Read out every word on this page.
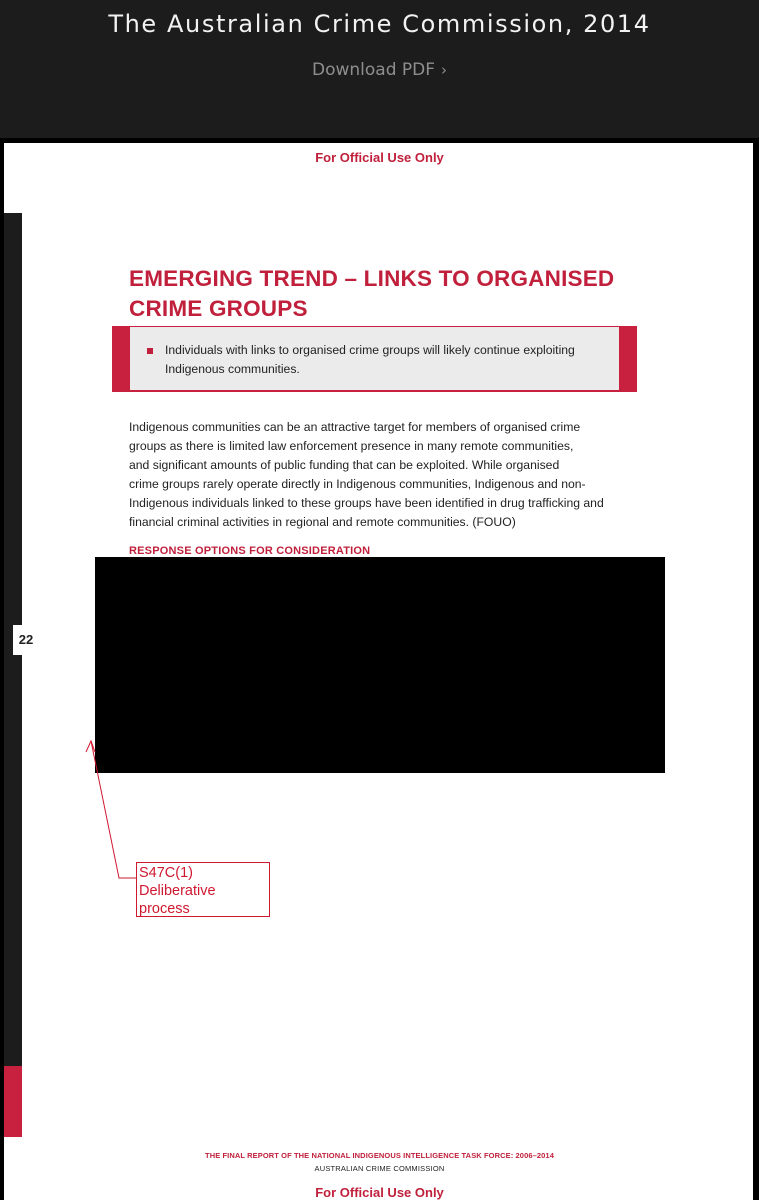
The Australian Crime Commission, 2014
Download PDF ›
22
For Official Use Only
EMERGING TREND – LINKS TO ORGANISED
CRIME GROUPS
Individuals with links to organised crime groups will likely continue exploiting Indigenous communities.
Indigenous communities can be an attractive target for members of organised crime
groups as there is limited law enforcement presence in many remote communities,
and significant amounts of public funding that can be exploited. While organised
crime groups rarely operate directly in Indigenous communities, Indigenous and non-
Indigenous individuals linked to these groups have been identified in drug trafficking and
financial criminal activities in regional and remote communities. (FOUO)
RESPONSE OPTIONS FOR CONSIDERATION
S47C(1)
Deliberative
process
THE FINAL REPORT OF THE NATIONAL INDIGENOUS INTELLIGENCE TASK FORCE: 2006–2014
AUSTRALIAN CRIME COMMISSION
For Official Use Only
